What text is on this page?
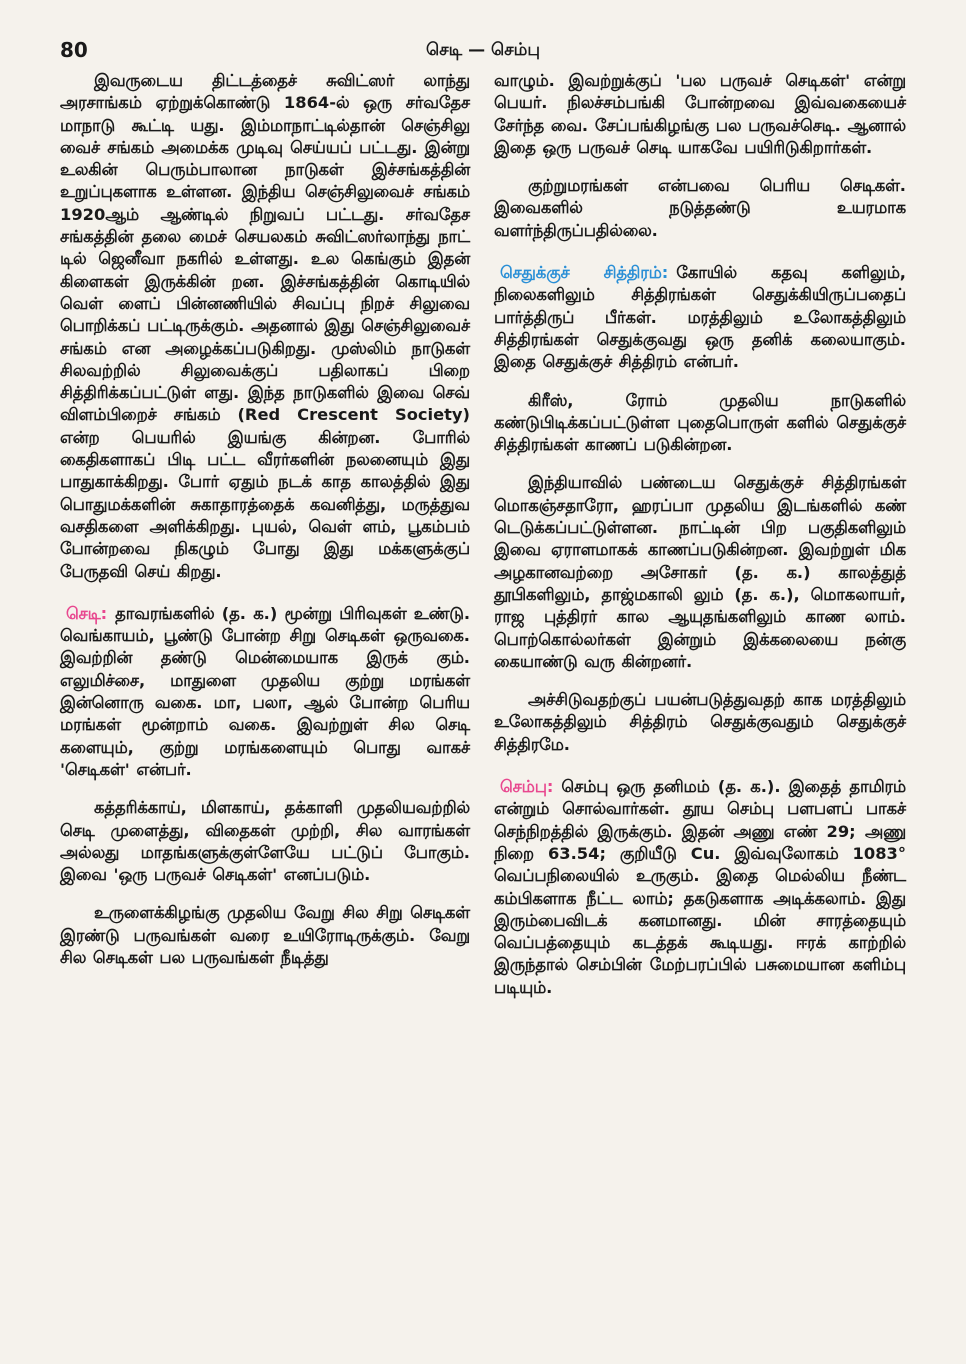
80	செடி — செம்பு

இவருடைய திட்டத்தைச் சுவிட்ஸர் லாந்து அரசாங்கம் ஏற்றுக்கொண்டு 1864-ல் ஒரு சர்வதேச மாநாடு கூட்டி யது. இம்மாநாட்டில்தான் செஞ்சிலு வைச் சங்கம் அமைக்க முடிவு செய்யப் பட்டது. இன்று உலகின் பெரும்பாலான நாடுகள் இச்சங்கத்தின் உறுப்புகளாக உள்ளன. இந்திய செஞ்சிலுவைச் சங்கம் 1920ஆம் ஆண்டில் நிறுவப் பட்டது. சர்வதேச சங்கத்தின் தலை மைச் செயலகம் சுவிட்ஸர்லாந்து நாட் டில் ஜெனீவா நகரில் உள்ளது. உல கெங்கும் இதன் கிளைகள் இருக்கின் றன. இச்சங்கத்தின் கொடியில் வெள் ளைப் பின்னணியில் சிவப்பு நிறச் சிலுவை பொறிக்கப் பட்டிருக்கும். அதனால் இது செஞ்சிலுவைச் சங்கம் என அழைக்கப்படுகிறது. முஸ்லிம் நாடுகள் சிலவற்றில் சிலுவைக்குப் பதிலாகப் பிறை சித்திரிக்கப்பட்டுள் ளது. இந்த நாடுகளில் இவை செவ் விளம்பிறைச் சங்கம் (Red Crescent Society) என்ற பெயரில் இயங்கு கின்றன. போரில் கைதிகளாகப் பிடி பட்ட வீரர்களின் நலனையும் இது பாதுகாக்கிறது. போர் ஏதும் நடக் காத காலத்தில் இது பொதுமக்களின் சுகாதாரத்தைக் கவனித்து, மருத்துவ வசதிகளை அளிக்கிறது. புயல், வெள் ளம், பூகம்பம் போன்றவை நிகழும் போது இது மக்களுக்குப் பேருதவி செய் கிறது.

செடி: தாவரங்களில் (த. க.) மூன்று பிரிவுகள் உண்டு. வெங்காயம், பூண்டு போன்ற சிறு செடிகள் ஒருவகை. இவற்றின் தண்டு மென்மையாக இருக் கும். எலுமிச்சை, மாதுளை முதலிய குற்று மரங்கள் இன்னொரு வகை. மா, பலா, ஆல் போன்ற பெரிய மரங்கள் மூன்றாம் வகை. இவற்றுள் சில செடி களையும், குற்று மரங்களையும் பொது வாகச் 'செடிகள்' என்பர்.

கத்தரிக்காய், மிளகாய், தக்காளி முதலியவற்றில் செடி முளைத்து, விதைகள் முற்றி, சில வாரங்கள் அல்லது மாதங்களுக்குள்ளேயே பட்டுப் போகும். இவை 'ஒரு பருவச் செடிகள்' எனப்படும்.

உருளைக்கிழங்கு முதலிய வேறு சில சிறு செடிகள் இரண்டு பருவங்கள் வரை உயிரோடிருக்கும். வேறு சில செடிகள் பல பருவங்கள் நீடித்து

வாழும். இவற்றுக்குப் 'பல பருவச் செடிகள்' என்று பெயர். நிலச்சம்பங்கி போன்றவை இவ்வகையைச் சேர்ந்த வை. சேப்பங்கிழங்கு பல பருவச்செடி. ஆனால் இதை ஒரு பருவச் செடி யாகவே பயிரிடுகிறார்கள்.

குற்றுமரங்கள் என்பவை பெரிய செடிகள். இவைகளில் நடுத்தண்டு உயரமாக வளர்ந்திருப்பதில்லை.

செதுக்குச் சித்திரம்: கோயில் கதவு களிலும், நிலைகளிலும் சித்திரங்கள் செதுக்கியிருப்பதைப் பார்த்திருப் பீர்கள். மரத்திலும் உலோகத்திலும் சித்திரங்கள் செதுக்குவது ஒரு தனிக் கலையாகும். இதை செதுக்குச் சித்திரம் என்பர்.

கிரீஸ், ரோம் முதலிய நாடுகளில் கண்டுபிடிக்கப்பட்டுள்ள புதைபொருள் களில் செதுக்குச் சித்திரங்கள் காணப் படுகின்றன.

இந்தியாவில் பண்டைய செதுக்குச் சித்திரங்கள் மொகஞ்சதாரோ, ஹரப்பா முதலிய இடங்களில் கண் டெடுக்கப்பட்டுள்ளன. நாட்டின் பிற பகுதிகளிலும் இவை ஏராளமாகக் காணப்படுகின்றன. இவற்றுள் மிக அழகானவற்றை அசோகர் (த. க.) காலத்துத் தூபிகளிலும், தாஜ்மகாலி லும் (த. க.), மொகலாயர், ராஜ புத்திரர் கால ஆயுதங்களிலும் காண லாம். பொற்கொல்லர்கள் இன்றும் இக்கலையை நன்கு கையாண்டு வரு கின்றனர்.

அச்சிடுவதற்குப் பயன்படுத்துவதற் காக மரத்திலும் உலோகத்திலும் சித்திரம் செதுக்குவதும் செதுக்குச் சித்திரமே.

செம்பு: செம்பு ஒரு தனிமம் (த. க.). இதைத் தாமிரம் என்றும் சொல்வார்கள். தூய செம்பு பளபளப் பாகச் செந்நிறத்தில் இருக்கும். இதன் அணு எண் 29; அணு நிறை 63.54; குறியீடு Cu. இவ்வுலோகம் 1083° வெப்பநிலையில் உருகும். இதை மெல்லிய நீண்ட கம்பிகளாக நீட்ட லாம்; தகடுகளாக அடிக்கலாம். இது இரும்பைவிடக் கனமானது. மின் சாரத்தையும் வெப்பத்தையும் கடத்தக் கூடியது. ஈரக் காற்றில் இருந்தால் செம்பின் மேற்பரப்பில் பசுமையான களிம்பு படியும்.
